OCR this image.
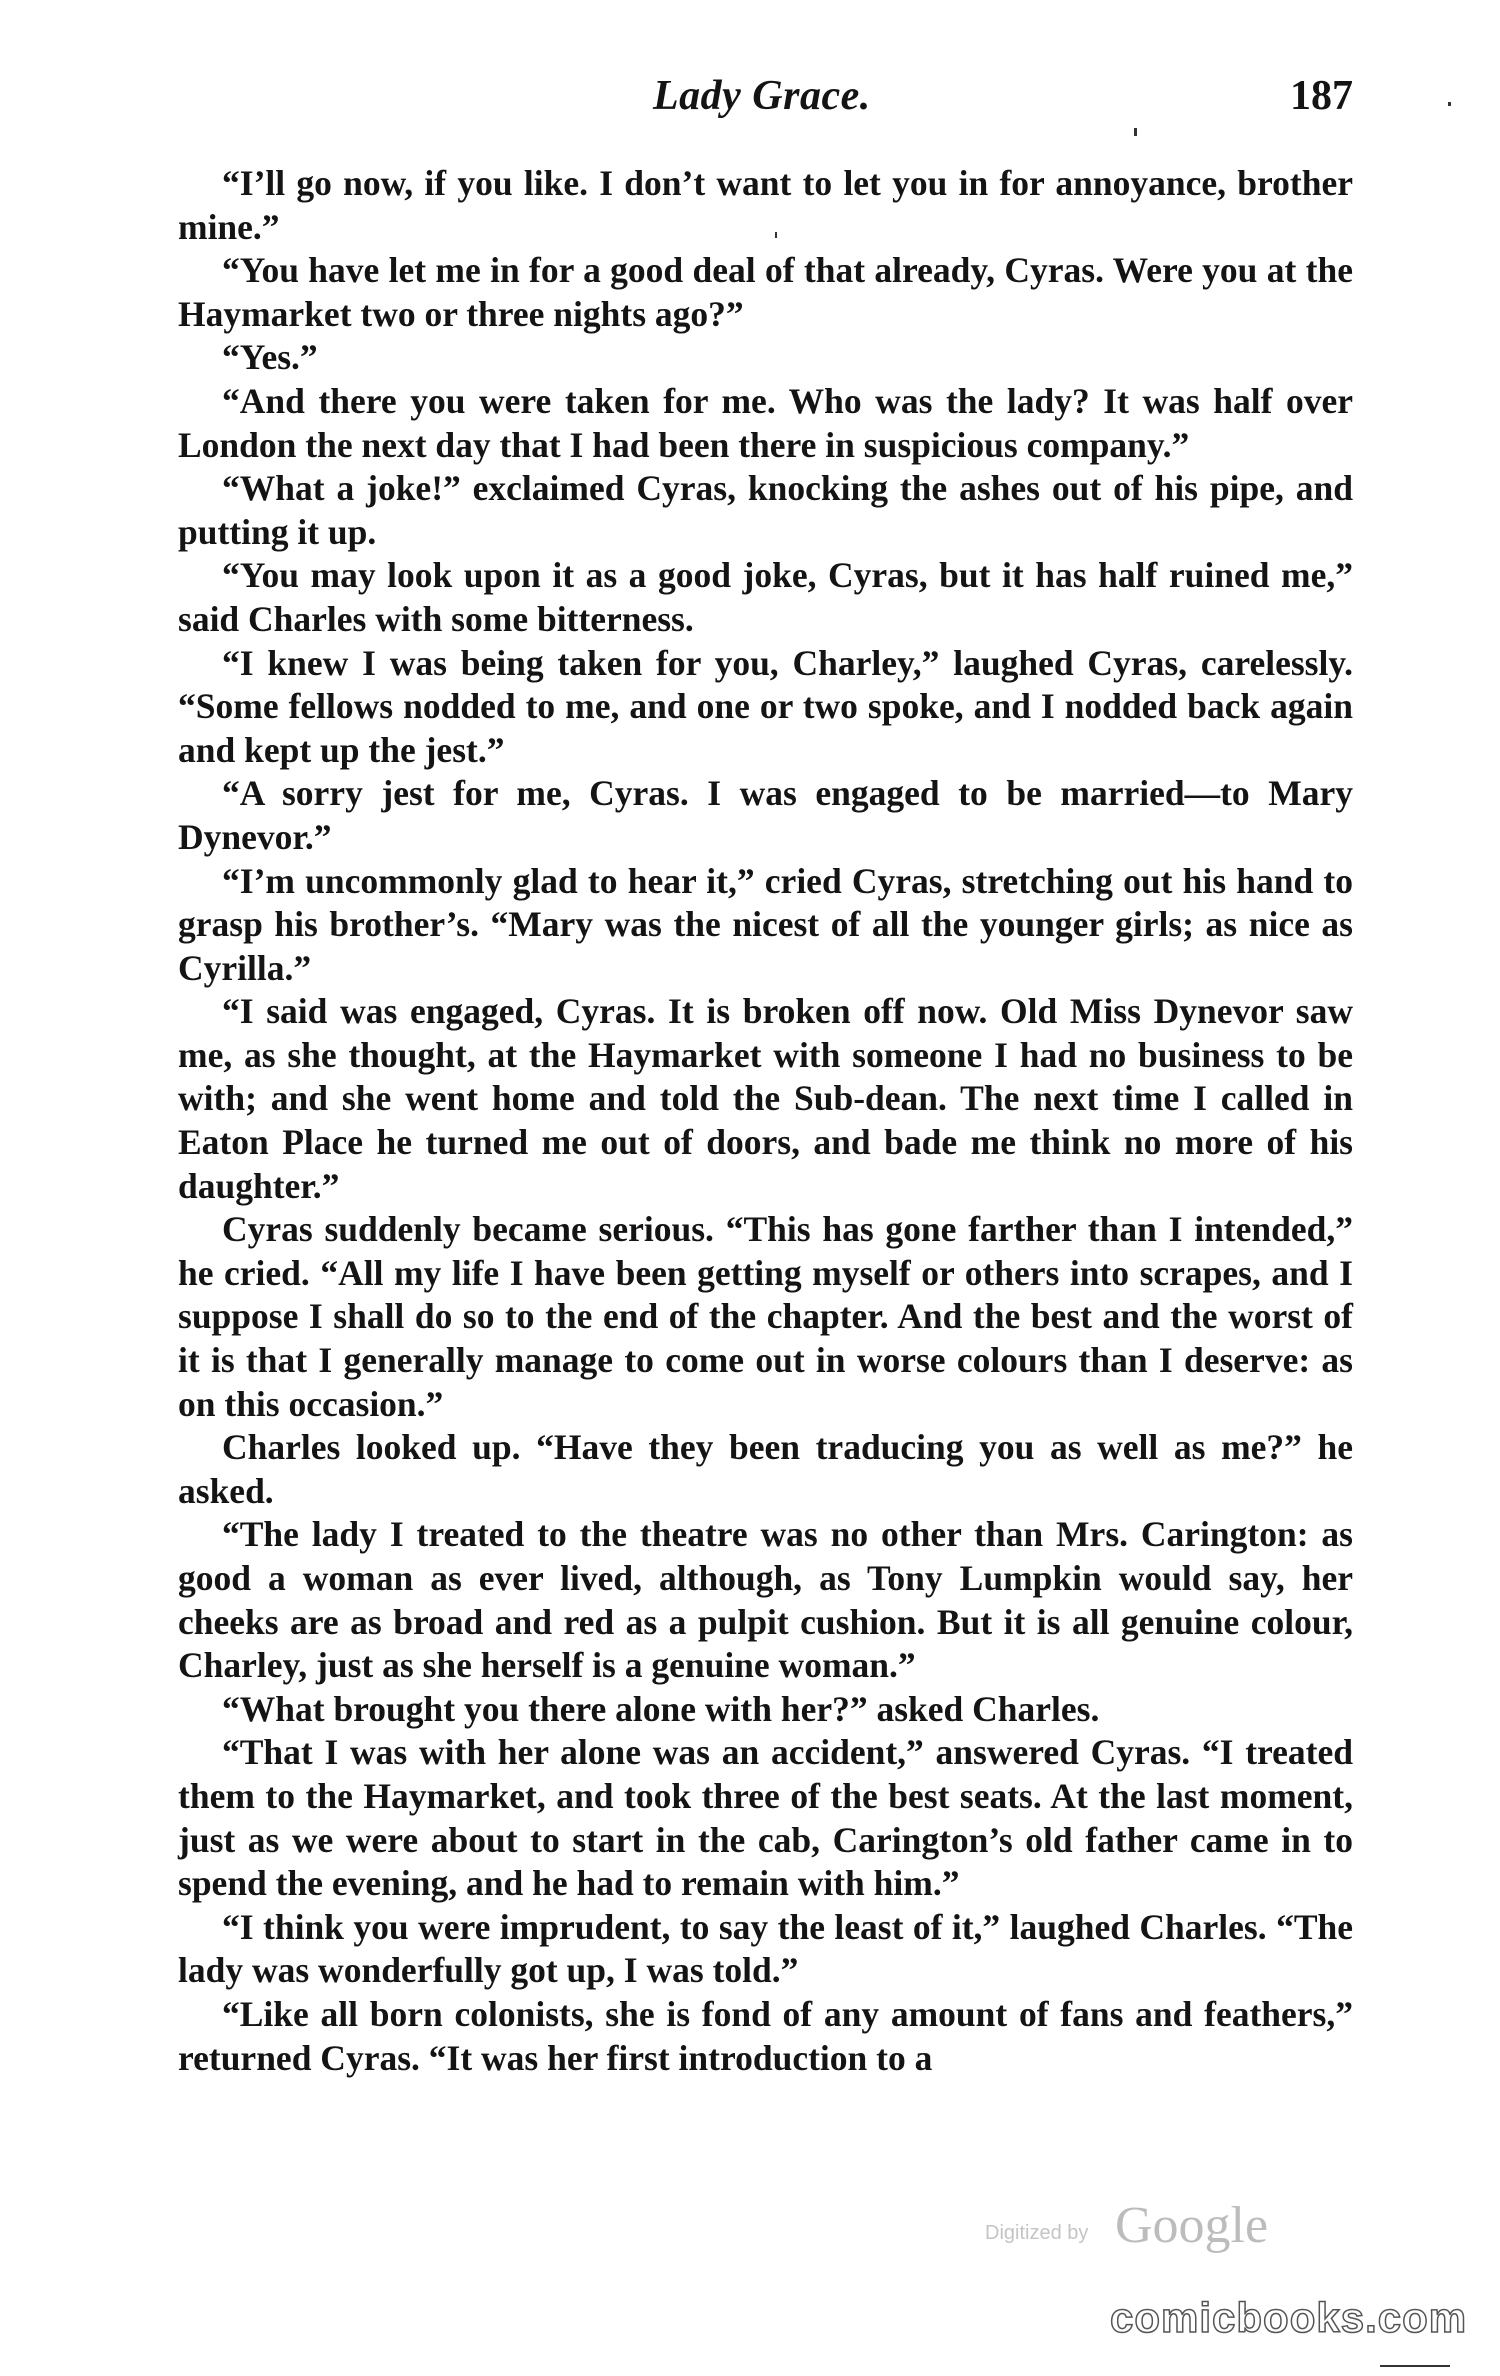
Lady Grace.	187

“I’ll go now, if you like. I don’t want to let you in for annoyance, brother mine.”

“You have let me in for a good deal of that already, Cyras. Were you at the Haymarket two or three nights ago?”

“Yes.”

“And there you were taken for me. Who was the lady? It was half over London the next day that I had been there in suspicious company.”

“What a joke!” exclaimed Cyras, knocking the ashes out of his pipe, and putting it up.

“You may look upon it as a good joke, Cyras, but it has half ruined me,” said Charles with some bitterness.

“I knew I was being taken for you, Charley,” laughed Cyras, carelessly. “Some fellows nodded to me, and one or two spoke, and I nodded back again and kept up the jest.”

“A sorry jest for me, Cyras. I was engaged to be married—to Mary Dynevor.”

“I’m uncommonly glad to hear it,” cried Cyras, stretching out his hand to grasp his brother’s. “Mary was the nicest of all the younger girls; as nice as Cyrilla.”

“I said was engaged, Cyras. It is broken off now. Old Miss Dynevor saw me, as she thought, at the Haymarket with someone I had no business to be with; and she went home and told the Sub-dean. The next time I called in Eaton Place he turned me out of doors, and bade me think no more of his daughter.”

Cyras suddenly became serious. “This has gone farther than I intended,” he cried. “All my life I have been getting myself or others into scrapes, and I suppose I shall do so to the end of the chapter. And the best and the worst of it is that I generally manage to come out in worse colours than I deserve: as on this occasion.”

Charles looked up. “Have they been traducing you as well as me?” he asked.

“The lady I treated to the theatre was no other than Mrs. Carington: as good a woman as ever lived, although, as Tony Lumpkin would say, her cheeks are as broad and red as a pulpit cushion. But it is all genuine colour, Charley, just as she herself is a genuine woman.”

“What brought you there alone with her?” asked Charles.

“That I was with her alone was an accident,” answered Cyras. “I treated them to the Haymarket, and took three of the best seats. At the last moment, just as we were about to start in the cab, Carington’s old father came in to spend the evening, and he had to remain with him.”

“I think you were imprudent, to say the least of it,” laughed Charles. “The lady was wonderfully got up, I was told.”

“Like all born colonists, she is fond of any amount of fans and feathers,” returned Cyras. “It was her first introduction to a

Digitized by Google
comicbooks.com
